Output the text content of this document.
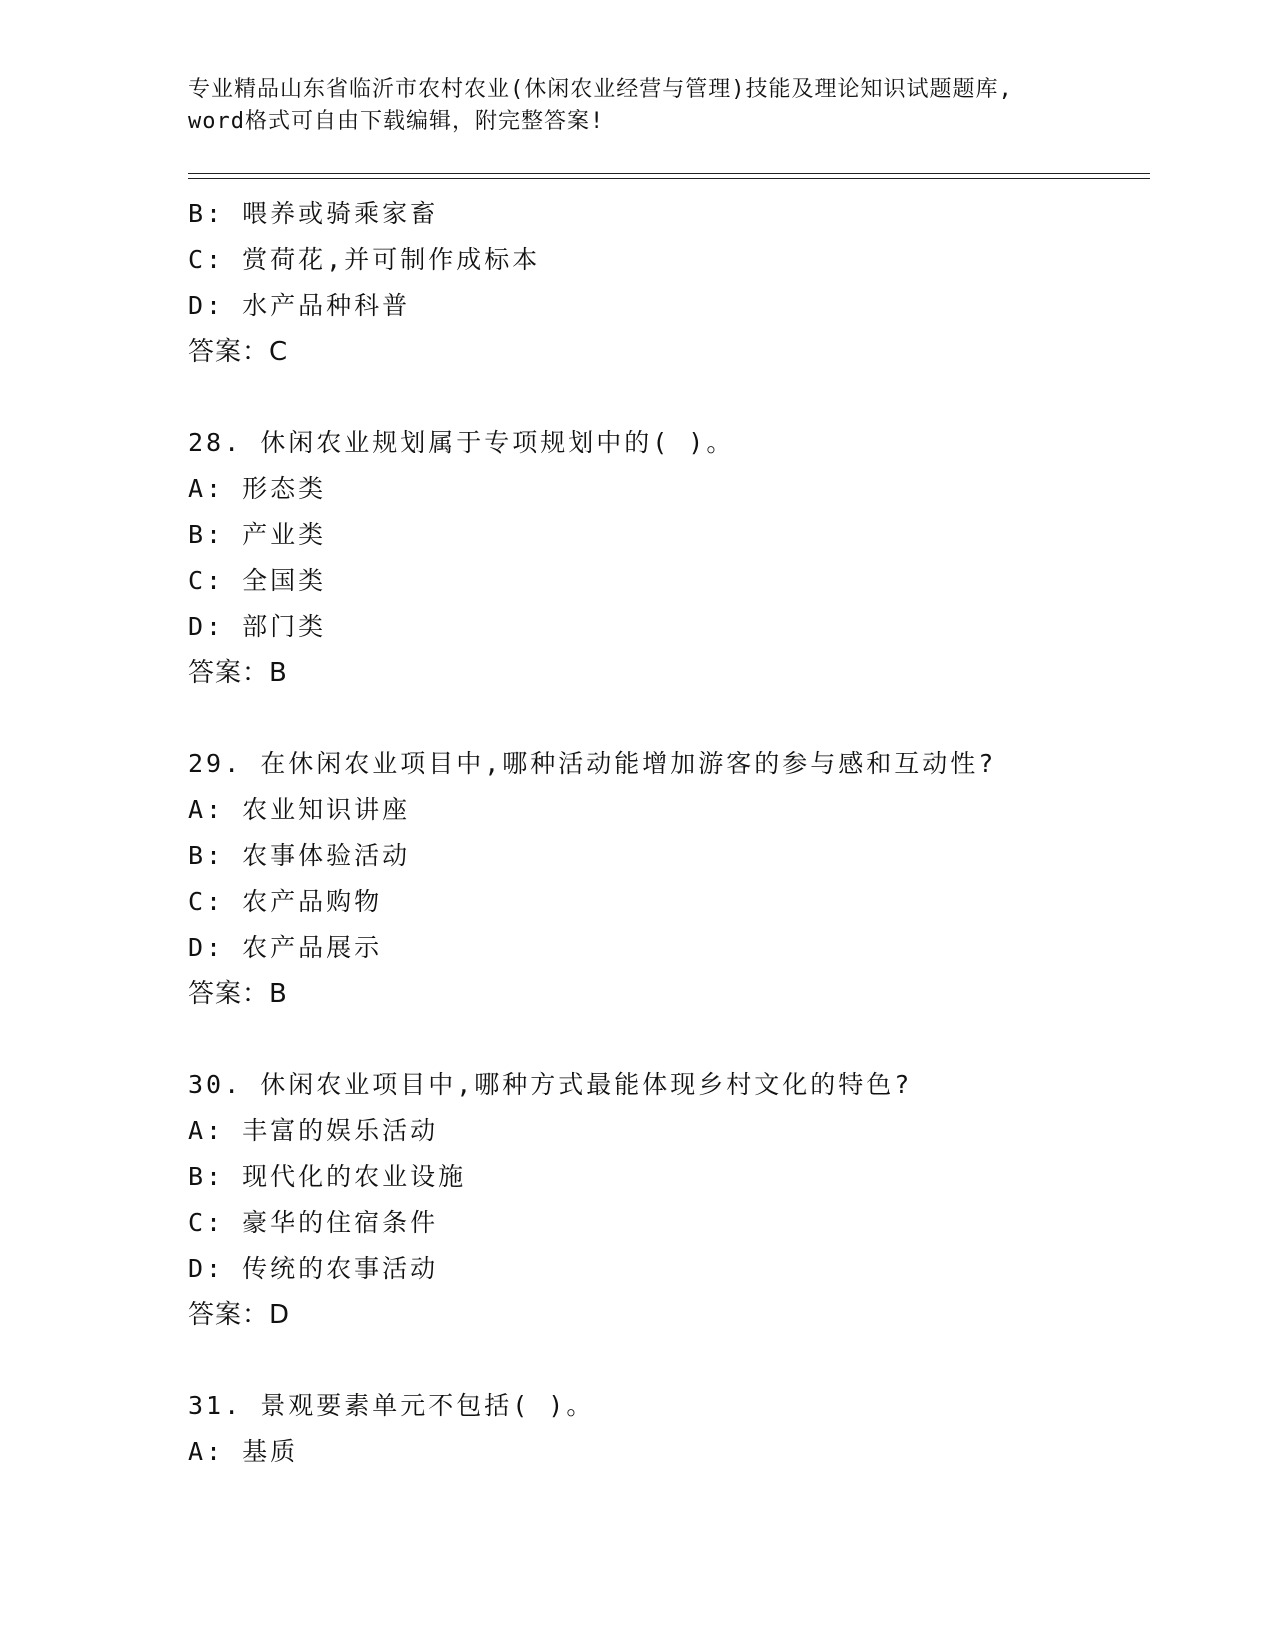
专业精品山东省临沂市农村农业(休闲农业经营与管理)技能及理论知识试题题库,
word格式可自由下载编辑，附完整答案!
B: 喂养或骑乘家畜
C: 赏荷花,并可制作成标本
D: 水产品种科普
答案：C
28. 休闲农业规划属于专项规划中的( )。
A: 形态类
B: 产业类
C: 全国类
D: 部门类
答案：B
29. 在休闲农业项目中,哪种活动能增加游客的参与感和互动性?
A: 农业知识讲座
B: 农事体验活动
C: 农产品购物
D: 农产品展示
答案：B
30. 休闲农业项目中,哪种方式最能体现乡村文化的特色?
A: 丰富的娱乐活动
B: 现代化的农业设施
C: 豪华的住宿条件
D: 传统的农事活动
答案：D
31. 景观要素单元不包括( )。
A: 基质
